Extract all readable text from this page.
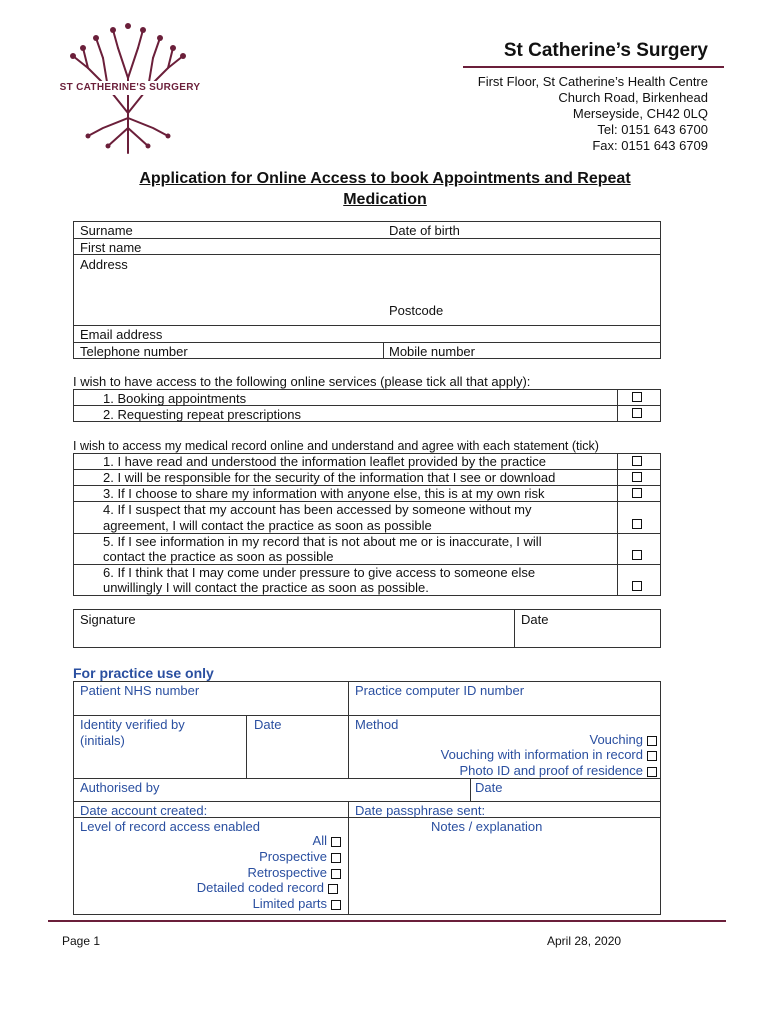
ST CATHERINE'S SURGERY
St Catherine’s Surgery
First Floor, St Catherine’s Health Centre
Church Road, Birkenhead
Merseyside, CH42 0LQ
Tel: 0151 643 6700
Fax: 0151 643 6709
Application for Online Access to book Appointments and Repeat
Medication
Surname	Date of birth
First name
Address
Postcode
Email address
Telephone number	Mobile number
I wish to have access to the following online services (please tick all that apply):
1. Booking appointments
2. Requesting repeat prescriptions
I wish to access my medical record online and understand and agree with each statement (tick)
1. I have read and understood the information leaflet provided by the practice
2. I will be responsible for the security of the information that I see or download
3. If I choose to share my information with anyone else, this is at my own risk
4. If I suspect that my account has been accessed by someone without my
agreement, I will contact the practice as soon as possible
5. If I see information in my record that is not about me or is inaccurate, I will
contact the practice as soon as possible
6. If I think that I may come under pressure to give access to someone else
unwillingly I will contact the practice as soon as possible.
Signature	Date
For practice use only
Patient NHS number	Practice computer ID number
Identity verified by
(initials)
Date	Method
Vouching
Vouching with information in record
Photo ID and proof of residence
Authorised by	Date
Date account created:	Date passphrase sent:
Level of record access enabled	Notes / explanation
All
Prospective
Retrospective
Detailed coded record
Limited parts
Page 1	April 28, 2020
